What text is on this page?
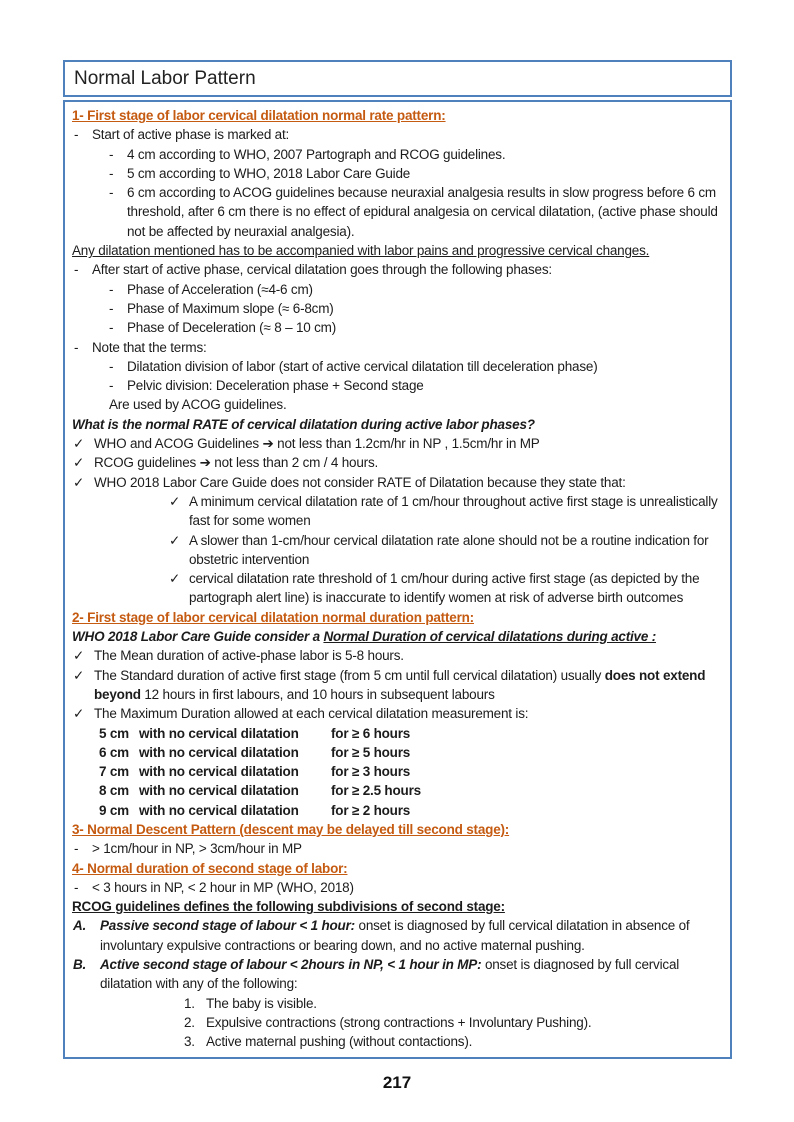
Normal Labor Pattern
1- First stage of labor cervical dilatation normal rate pattern:
- Start of active phase is marked at:
- 4 cm according to WHO, 2007 Partograph and RCOG guidelines.
- 5 cm according to WHO, 2018 Labor Care Guide
- 6 cm according to ACOG guidelines because neuraxial analgesia results in slow progress before 6 cm threshold, after 6 cm there is no effect of epidural analgesia on cervical dilatation, (active phase should not be affected by neuraxial analgesia).
Any dilatation mentioned has to be accompanied with labor pains and progressive cervical changes.
- After start of active phase, cervical dilatation goes through the following phases:
- Phase of Acceleration (≈4-6 cm)
- Phase of Maximum slope (≈ 6-8cm)
- Phase of Deceleration (≈ 8 – 10 cm)
- Note that the terms:
- Dilatation division of labor (start of active cervical dilatation till deceleration phase)
- Pelvic division: Deceleration phase + Second stage
Are used by ACOG guidelines.
What is the normal RATE of cervical dilatation during active labor phases?
✓ WHO and ACOG Guidelines ➔ not less than 1.2cm/hr in NP , 1.5cm/hr in MP
✓ RCOG guidelines ➔ not less than 2 cm / 4 hours.
✓ WHO 2018 Labor Care Guide does not consider RATE of Dilatation because they state that:
✓ A minimum cervical dilatation rate of 1 cm/hour throughout active first stage is unrealistically fast for some women
✓ A slower than 1-cm/hour cervical dilatation rate alone should not be a routine indication for obstetric intervention
✓ cervical dilatation rate threshold of 1 cm/hour during active first stage (as depicted by the partograph alert line) is inaccurate to identify women at risk of adverse birth outcomes
2- First stage of labor cervical dilatation normal duration pattern:
WHO 2018 Labor Care Guide consider a Normal Duration of cervical dilatations during active :
✓ The Mean duration of active-phase labor is 5-8 hours.
✓ The Standard duration of active first stage (from 5 cm until full cervical dilatation) usually does not extend beyond 12 hours in first labours, and 10 hours in subsequent labours
✓ The Maximum Duration allowed at each cervical dilatation measurement is:
5 cm with no cervical dilatation for ≥ 6 hours
6 cm with no cervical dilatation for ≥ 5 hours
7 cm with no cervical dilatation for ≥ 3 hours
8 cm with no cervical dilatation for ≥ 2.5 hours
9 cm with no cervical dilatation for ≥ 2 hours
3- Normal Descent Pattern (descent may be delayed till second stage):
- > 1cm/hour in NP, > 3cm/hour in MP
4- Normal duration of second stage of labor:
- < 3 hours in NP, < 2 hour in MP (WHO, 2018)
RCOG guidelines defines the following subdivisions of second stage:
A. Passive second stage of labour < 1 hour: onset is diagnosed by full cervical dilatation in absence of involuntary expulsive contractions or bearing down, and no active maternal pushing.
B. Active second stage of labour < 2hours in NP, < 1 hour in MP: onset is diagnosed by full cervical dilatation with any of the following:
1. The baby is visible.
2. Expulsive contractions (strong contractions + Involuntary Pushing).
3. Active maternal pushing (without contactions).
217
